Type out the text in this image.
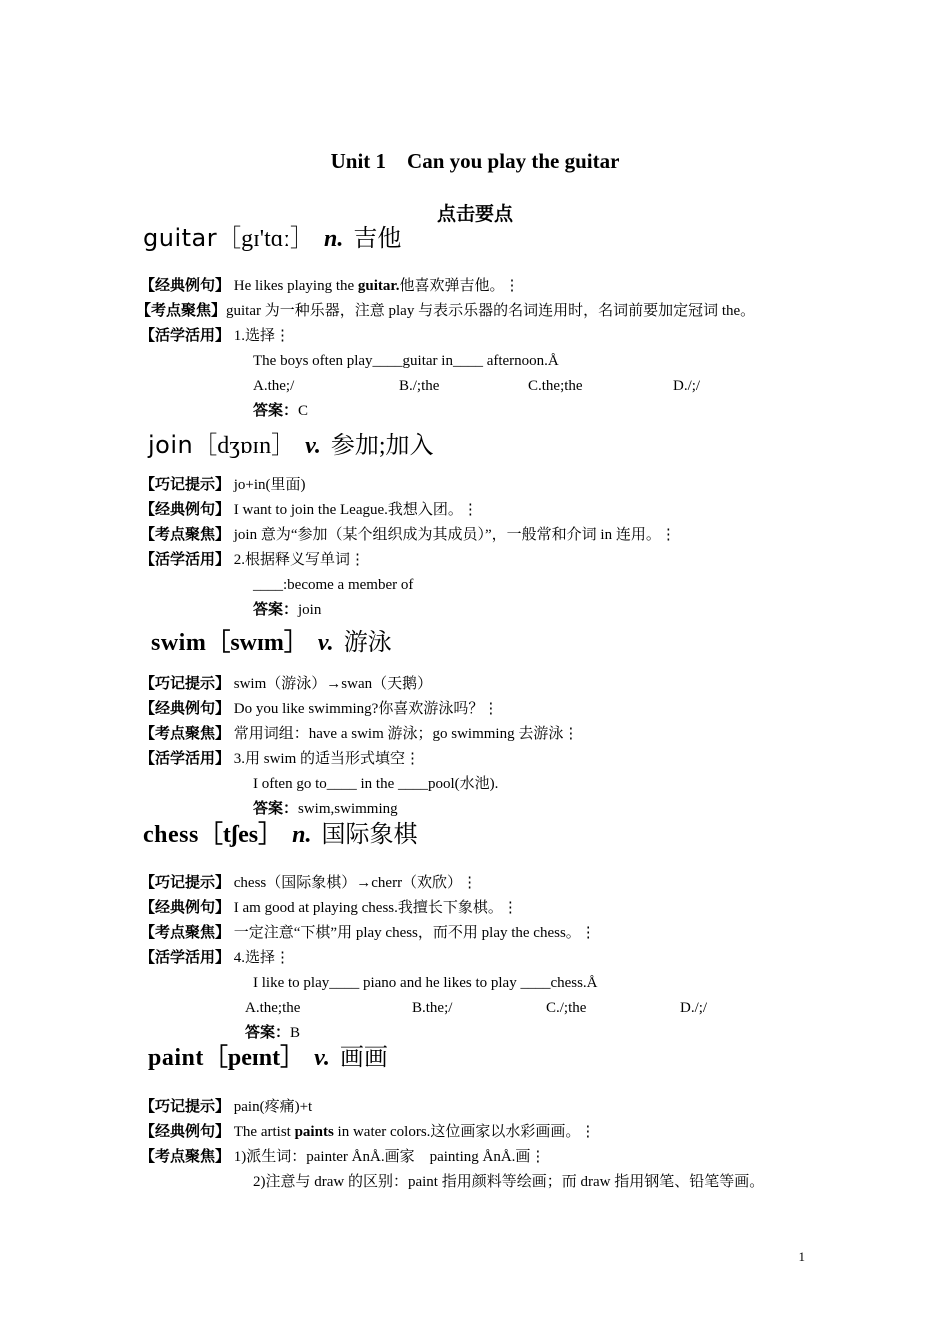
Unit 1    Can you play the guitar
点击要点
guitar［gɪ'tɑː］ n. 吉他
【经典例句】 He likes playing the guitar.他喜欢弹吉他。⋮
【考点聚焦】guitar 为一种乐器，注意 play 与表示乐器的名词连用时，名词前要加定冠词 the。
【活学活用】 1.选择⋮
The boys often play____guitar in____ afternoon.Å
A.the;/	B./;the	C.the;the	D./;/
答案：C
join［dʒɒɪn］ v. 参加;加入
【巧记提示】 jo+in(里面)
【经典例句】 I want to join the League.我想入团。⋮
【考点聚焦】 join 意为“参加（某个组织成为其成员）”，一般常和介词 in 连用。⋮
【活学活用】 2.根据释义写单词⋮
____:become a member of
答案：join
swim［swɪm］ v. 游泳
【巧记提示】 swim（游泳）→swan（天鹅）
【经典例句】 Do you like swimming?你喜欢游泳吗？⋮
【考点聚焦】 常用词组：have a swim 游泳；go swimming 去游泳⋮
【活学活用】 3.用 swim 的适当形式填空⋮
I often go to____ in the ____pool(水池).
答案：swim,swimming
chess［tʃes］ n. 国际象棋
【巧记提示】 chess（国际象棋）→cherr（欢欣）⋮
【经典例句】 I am good at playing chess.我擅长下象棋。⋮
【考点聚焦】 一定注意“下棋”用 play chess，而不用 play the chess。⋮
【活学活用】 4.选择⋮
I like to play____ piano and he likes to play ____chess.Å
A.the;the	B.the;/	C./;the	D./;/
答案：B
paint［peɪnt］ v. 画画
【巧记提示】 pain(疼痛)+t
【经典例句】 The artist paints in water colors.这位画家以水彩画画。⋮
【考点聚焦】 1)派生词：painter ÅnÅ.画家    painting ÅnÅ.画⋮
2)注意与 draw 的区别：paint 指用颜料等绘画；而 draw 指用钢笔、铅笔等画。
1
